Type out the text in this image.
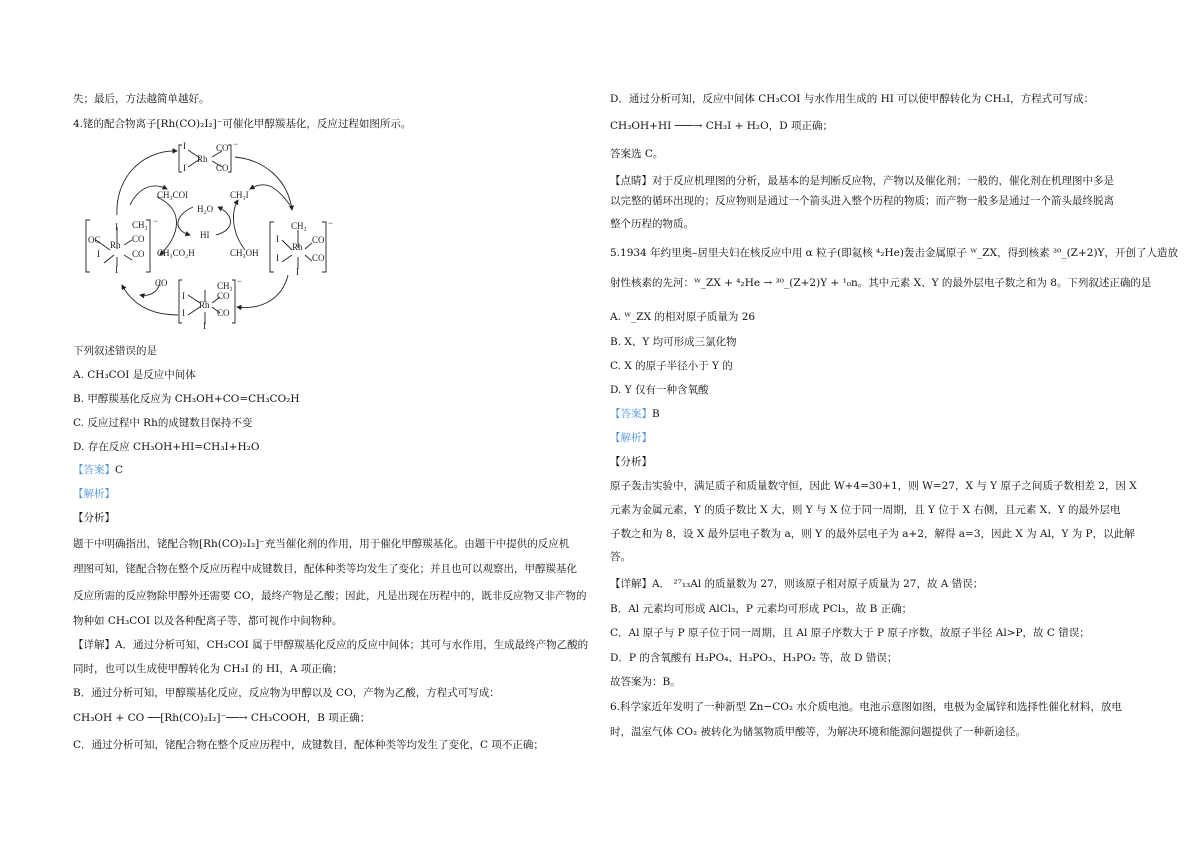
失；最后，方法越简单越好。
4.铑的配合物离子[Rh(CO)₂I₂]⁻可催化甲醇羰基化，反应过程如图所示。
下列叙述错误的是
A. CH₃COI 是反应中间体
B. 甲醇羰基化反应为 CH₃OH+CO=CH₃CO₂H
C. 反应过程中 Rh的成键数目保持不变
D. 存在反应 CH₃OH+HI=CH₃I+H₂O
【答案】C
【解析】
【分析】
题干中明确指出，铑配合物[Rh(CO)₂I₂]⁻充当催化剂的作用，用于催化甲醇羰基化。由题干中提供的反应机
理图可知，铑配合物在整个反应历程中成键数目，配体种类等均发生了变化；并且也可以观察出，甲醇羰基化
反应所需的反应物除甲醇外还需要 CO，最终产物是乙酸；因此，凡是出现在历程中的，既非反应物又非产物的
物种如 CH₃COI 以及各种配离子等，都可视作中间物种。
【详解】A．通过分析可知，CH₃COI 属于甲醇羰基化反应的反应中间体；其可与水作用，生成最终产物乙酸的
同时，也可以生成使甲醇转化为 CH₃I 的 HI，A 项正确；
B．通过分析可知，甲醇羰基化反应，反应物为甲醇以及 CO，产物为乙酸，方程式可写成：
CH₃OH + CO ──[Rh(CO)₂I₂]⁻──→ CH₃COOH，B 项正确；
C．通过分析可知，铑配合物在整个反应历程中，成键数目，配体种类等均发生了变化，C 项不正确；
D．通过分析可知，反应中间体 CH₃COI 与水作用生成的 HI 可以使甲醇转化为 CH₃I，方程式可写成：
CH₃OH+HI ───→ CH₃I + H₂O，D 项正确；
答案选 C。
【点睛】对于反应机理图的分析，最基本的是判断反应物，产物以及催化剂；一般的，催化剂在机理图中多是
以完整的循环出现的；反应物则是通过一个箭头进入整个历程的物质；而产物一般多是通过一个箭头最终脱离
整个历程的物质。
5.1934 年约里奥–居里夫妇在核反应中用 α 粒子(即氦核 ⁴₂He)轰击金属原子 ᵂ_ZX，得到核素 ³⁰_(Z+2)Y，开创了人造放
射性核素的先河：ᵂ_ZX + ⁴₂He → ³⁰_(Z+2)Y + ¹₀n。其中元素 X、Y 的最外层电子数之和为 8。下列叙述正确的是
A. ᵂ_ZX 的相对原子质量为 26
B. X、Y 均可形成三氯化物
C. X 的原子半径小于 Y 的
D. Y 仅有一种含氧酸
【答案】B
【解析】
【分析】
原子轰击实验中，满足质子和质量数守恒，因此 W+4=30+1，则 W=27，X 与 Y 原子之间质子数相差 2，因 X
元素为金属元素，Y 的质子数比 X 大，则 Y 与 X 位于同一周期，且 Y 位于 X 右侧，且元素 X、Y 的最外层电
子数之和为 8，设 X 最外层电子数为 a，则 Y 的最外层电子为 a+2，解得 a=3，因此 X 为 Al，Y 为 P，以此解
答。
【详解】A． ²⁷₁₃Al 的质量数为 27，则该原子相对原子质量为 27，故 A 错误；
B．Al 元素均可形成 AlCl₃，P 元素均可形成 PCl₃，故 B 正确；
C．Al 原子与 P 原子位于同一周期，且 Al 原子序数大于 P 原子序数，故原子半径 Al>P，故 C 错误；
D．P 的含氧酸有 H₃PO₄、H₃PO₃、H₃PO₂ 等，故 D 错误；
故答案为：B。
6.科学家近年发明了一种新型 Zn−CO₂ 水介质电池。电池示意图如图，电极为金属锌和选择性催化材料，放电
时，温室气体 CO₂ 被转化为储氢物质甲酸等，为解决环境和能源问题提供了一种新途径。
I
Rh
CO
I	CO
−
CH₃COI
H₂O
CH₃I
HI
CH₃CO₂H	CH₃OH
CO
I CH₃
OC Rh
CO
I	CO
I
−	CH₃
I
Rh
CO
I	CO
I
−
CH₃
I
Rh
CO
I	CO
I
−
